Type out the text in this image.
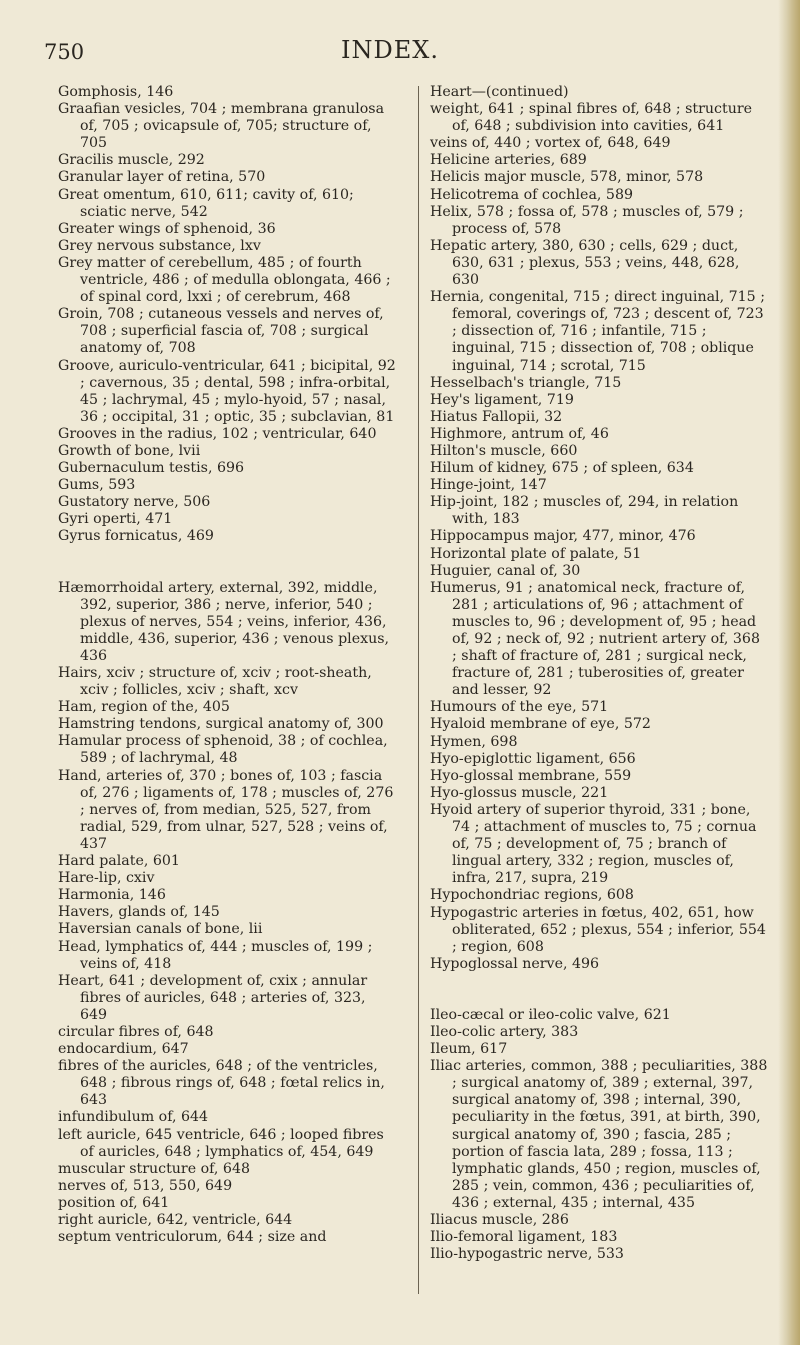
750	INDEX.

Gomphosis, 146

Graafian vesicles, 704 ; membrana granulosa of, 705 ; ovicapsule of, 705; structure of, 705

Gracilis muscle, 292

Granular layer of retina, 570

Great omentum, 610, 611; cavity of, 610; sciatic nerve, 542

Greater wings of sphenoid, 36

Grey nervous substance, lxv

Grey matter of cerebellum, 485 ; of fourth ventricle, 486 ; of medulla oblongata, 466 ; of spinal cord, lxxi ; of cerebrum, 468

Groin, 708 ; cutaneous vessels and nerves of, 708 ; superficial fascia of, 708 ; surgical anatomy of, 708

Groove, auriculo-ventricular, 641 ; bicipital, 92 ; cavernous, 35 ; dental, 598 ; infra-orbital, 45 ; lachrymal, 45 ; mylo-hyoid, 57 ; nasal, 36 ; occipital, 31 ; optic, 35 ; subclavian, 81

Grooves in the radius, 102 ; ventricular, 640

Growth of bone, lvii

Gubernaculum testis, 696

Gums, 593

Gustatory nerve, 506

Gyri operti, 471

Gyrus fornicatus, 469

Hæmorrhoidal artery, external, 392, middle, 392, superior, 386 ; nerve, inferior, 540 ; plexus of nerves, 554 ; veins, inferior, 436, middle, 436, superior, 436 ; venous plexus, 436

Hairs, xciv ; structure of, xciv ; root-sheath, xciv ; follicles, xciv ; shaft, xcv

Ham, region of the, 405

Hamstring tendons, surgical anatomy of, 300

Hamular process of sphenoid, 38 ; of cochlea, 589 ; of lachrymal, 48

Hand, arteries of, 370 ; bones of, 103 ; fascia of, 276 ; ligaments of, 178 ; muscles of, 276 ; nerves of, from median, 525, 527, from radial, 529, from ulnar, 527, 528 ; veins of, 437

Hard palate, 601

Hare-lip, cxiv

Harmonia, 146

Havers, glands of, 145

Haversian canals of bone, lii

Head, lymphatics of, 444 ; muscles of, 199 ; veins of, 418

Heart, 641 ; development of, cxix ; annular fibres of auricles, 648 ; arteries of, 323, 649

circular fibres of, 648

endocardium, 647

fibres of the auricles, 648 ; of the ventricles, 648 ; fibrous rings of, 648 ; fœtal relics in, 643

infundibulum of, 644

left auricle, 645 ventricle, 646 ; looped fibres of auricles, 648 ; lymphatics of, 454, 649

muscular structure of, 648

nerves of, 513, 550, 649

position of, 641

right auricle, 642, ventricle, 644

septum ventriculorum, 644 ; size and

Heart—(continued)

weight, 641 ; spinal fibres of, 648 ; structure of, 648 ; subdivision into cavities, 641

veins of, 440 ; vortex of, 648, 649

Helicine arteries, 689

Helicis major muscle, 578, minor, 578

Helicotrema of cochlea, 589

Helix, 578 ; fossa of, 578 ; muscles of, 579 ; process of, 578

Hepatic artery, 380, 630 ; cells, 629 ; duct, 630, 631 ; plexus, 553 ; veins, 448, 628, 630

Hernia, congenital, 715 ; direct inguinal, 715 ; femoral, coverings of, 723 ; descent of, 723 ; dissection of, 716 ; infantile, 715 ; inguinal, 715 ; dissection of, 708 ; oblique inguinal, 714 ; scrotal, 715

Hesselbach's triangle, 715

Hey's ligament, 719

Hiatus Fallopii, 32

Highmore, antrum of, 46

Hilton's muscle, 660

Hilum of kidney, 675 ; of spleen, 634

Hinge-joint, 147

Hip-joint, 182 ; muscles of, 294, in relation with, 183

Hippocampus major, 477, minor, 476

Horizontal plate of palate, 51

Huguier, canal of, 30

Humerus, 91 ; anatomical neck, fracture of, 281 ; articulations of, 96 ; attachment of muscles to, 96 ; development of, 95 ; head of, 92 ; neck of, 92 ; nutrient artery of, 368 ; shaft of fracture of, 281 ; surgical neck, fracture of, 281 ; tuberosities of, greater and lesser, 92

Humours of the eye, 571

Hyaloid membrane of eye, 572

Hymen, 698

Hyo-epiglottic ligament, 656

Hyo-glossal membrane, 559

Hyo-glossus muscle, 221

Hyoid artery of superior thyroid, 331 ; bone, 74 ; attachment of muscles to, 75 ; cornua of, 75 ; development of, 75 ; branch of lingual artery, 332 ; region, muscles of, infra, 217, supra, 219

Hypochondriac regions, 608

Hypogastric arteries in fœtus, 402, 651, how obliterated, 652 ; plexus, 554 ; inferior, 554 ; region, 608

Hypoglossal nerve, 496

Ileo-cæcal or ileo-colic valve, 621

Ileo-colic artery, 383

Ileum, 617

Iliac arteries, common, 388 ; peculiarities, 388 ; surgical anatomy of, 389 ; external, 397, surgical anatomy of, 398 ; internal, 390, peculiarity in the fœtus, 391, at birth, 390, surgical anatomy of, 390 ; fascia, 285 ; portion of fascia lata, 289 ; fossa, 113 ; lymphatic glands, 450 ; region, muscles of, 285 ; vein, common, 436 ; peculiarities of, 436 ; external, 435 ; internal, 435

Iliacus muscle, 286

Ilio-femoral ligament, 183

Ilio-hypogastric nerve, 533
